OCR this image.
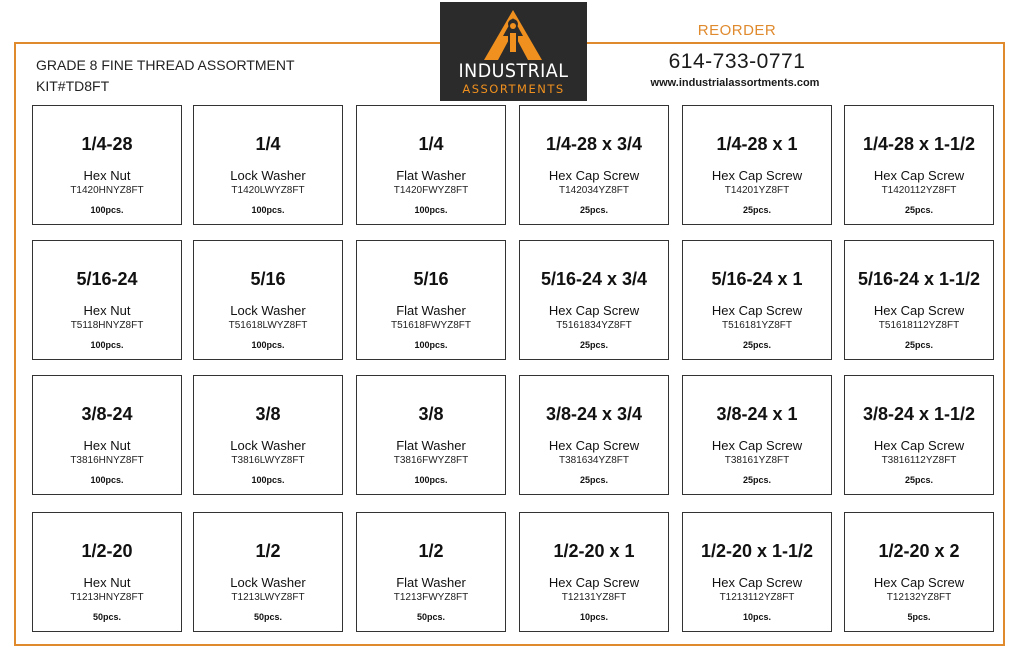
GRADE 8 FINE THREAD ASSORTMENT
KIT#TD8FT
INDUSTRIAL
ASSORTMENTS
REORDER
614-733-0771
www.industrialassortments.com
1/4-28
Hex Nut
T1420HNYZ8FT
100pcs.
1/4
Lock Washer
T1420LWYZ8FT
100pcs.
1/4
Flat Washer
T1420FWYZ8FT
100pcs.
1/4-28 x 3/4
Hex Cap Screw
T142034YZ8FT
25pcs.
1/4-28 x 1
Hex Cap Screw
T14201YZ8FT
25pcs.
1/4-28 x 1-1/2
Hex Cap Screw
T1420112YZ8FT
25pcs.
5/16-24
Hex Nut
T5118HNYZ8FT
100pcs.
5/16
Lock Washer
T51618LWYZ8FT
100pcs.
5/16
Flat Washer
T51618FWYZ8FT
100pcs.
5/16-24 x 3/4
Hex Cap Screw
T5161834YZ8FT
25pcs.
5/16-24 x 1
Hex Cap Screw
T516181YZ8FT
25pcs.
5/16-24 x 1-1/2
Hex Cap Screw
T51618112YZ8FT
25pcs.
3/8-24
Hex Nut
T3816HNYZ8FT
100pcs.
3/8
Lock Washer
T3816LWYZ8FT
100pcs.
3/8
Flat Washer
T3816FWYZ8FT
100pcs.
3/8-24 x 3/4
Hex Cap Screw
T381634YZ8FT
25pcs.
3/8-24 x 1
Hex Cap Screw
T38161YZ8FT
25pcs.
3/8-24 x 1-1/2
Hex Cap Screw
T3816112YZ8FT
25pcs.
1/2-20
Hex Nut
T1213HNYZ8FT
50pcs.
1/2
Lock Washer
T1213LWYZ8FT
50pcs.
1/2
Flat Washer
T1213FWYZ8FT
50pcs.
1/2-20 x 1
Hex Cap Screw
T12131YZ8FT
10pcs.
1/2-20 x 1-1/2
Hex Cap Screw
T1213112YZ8FT
10pcs.
1/2-20 x 2
Hex Cap Screw
T12132YZ8FT
5pcs.
